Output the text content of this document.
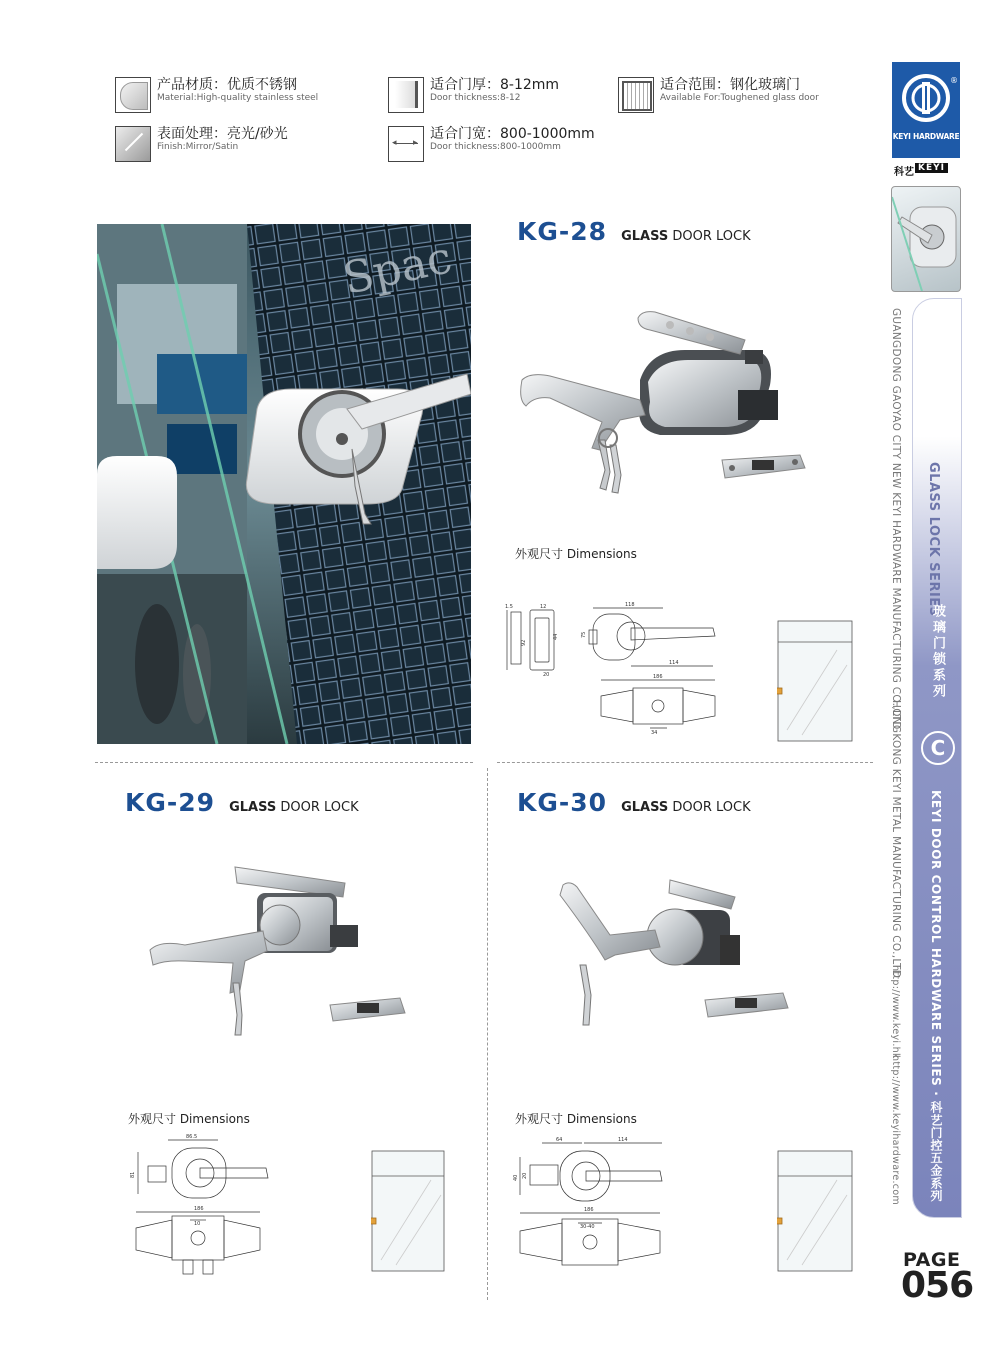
产品材质：优质不锈钢
Material:High-quality stainless steel
适合门厚：8-12mm
Door thickness:8-12
适合范围：钢化玻璃门
Available For:Toughened glass door
表面处理：亮光/砂光
Finish:Mirror/Satin	◂ ▸
适合门宽：800-1000mm
Door thickness:800-1000mm
Spac
KG-28 GLASS DOOR LOCK
外观尺寸 Dimensions
1.5
92
44
20
12	118
114
75
186
34
KG-29 GLASS DOOR LOCK
外观尺寸 Dimensions
86.5
81
186
10
KG-30 GLASS DOOR LOCK
外观尺寸 Dimensions
64	114
40 20
186
30-40
®
KEYI HARDWARE
科艺 KEYI
GUANGDONG GAOYAO CITY NEW KEYI HARDWARE MANUFACTURING CO.,LTD
HONGKONG KEYI METAL MANUFACTURING CO.,LTD
http://www.keyi.hk
http://www.keyihardware.com
GLASS LOCK SERIES
玻璃门锁系列
C
KEYI DOOR CONTROL HARDWARE SERIES · 科艺门控五金系列
PAGE
056
